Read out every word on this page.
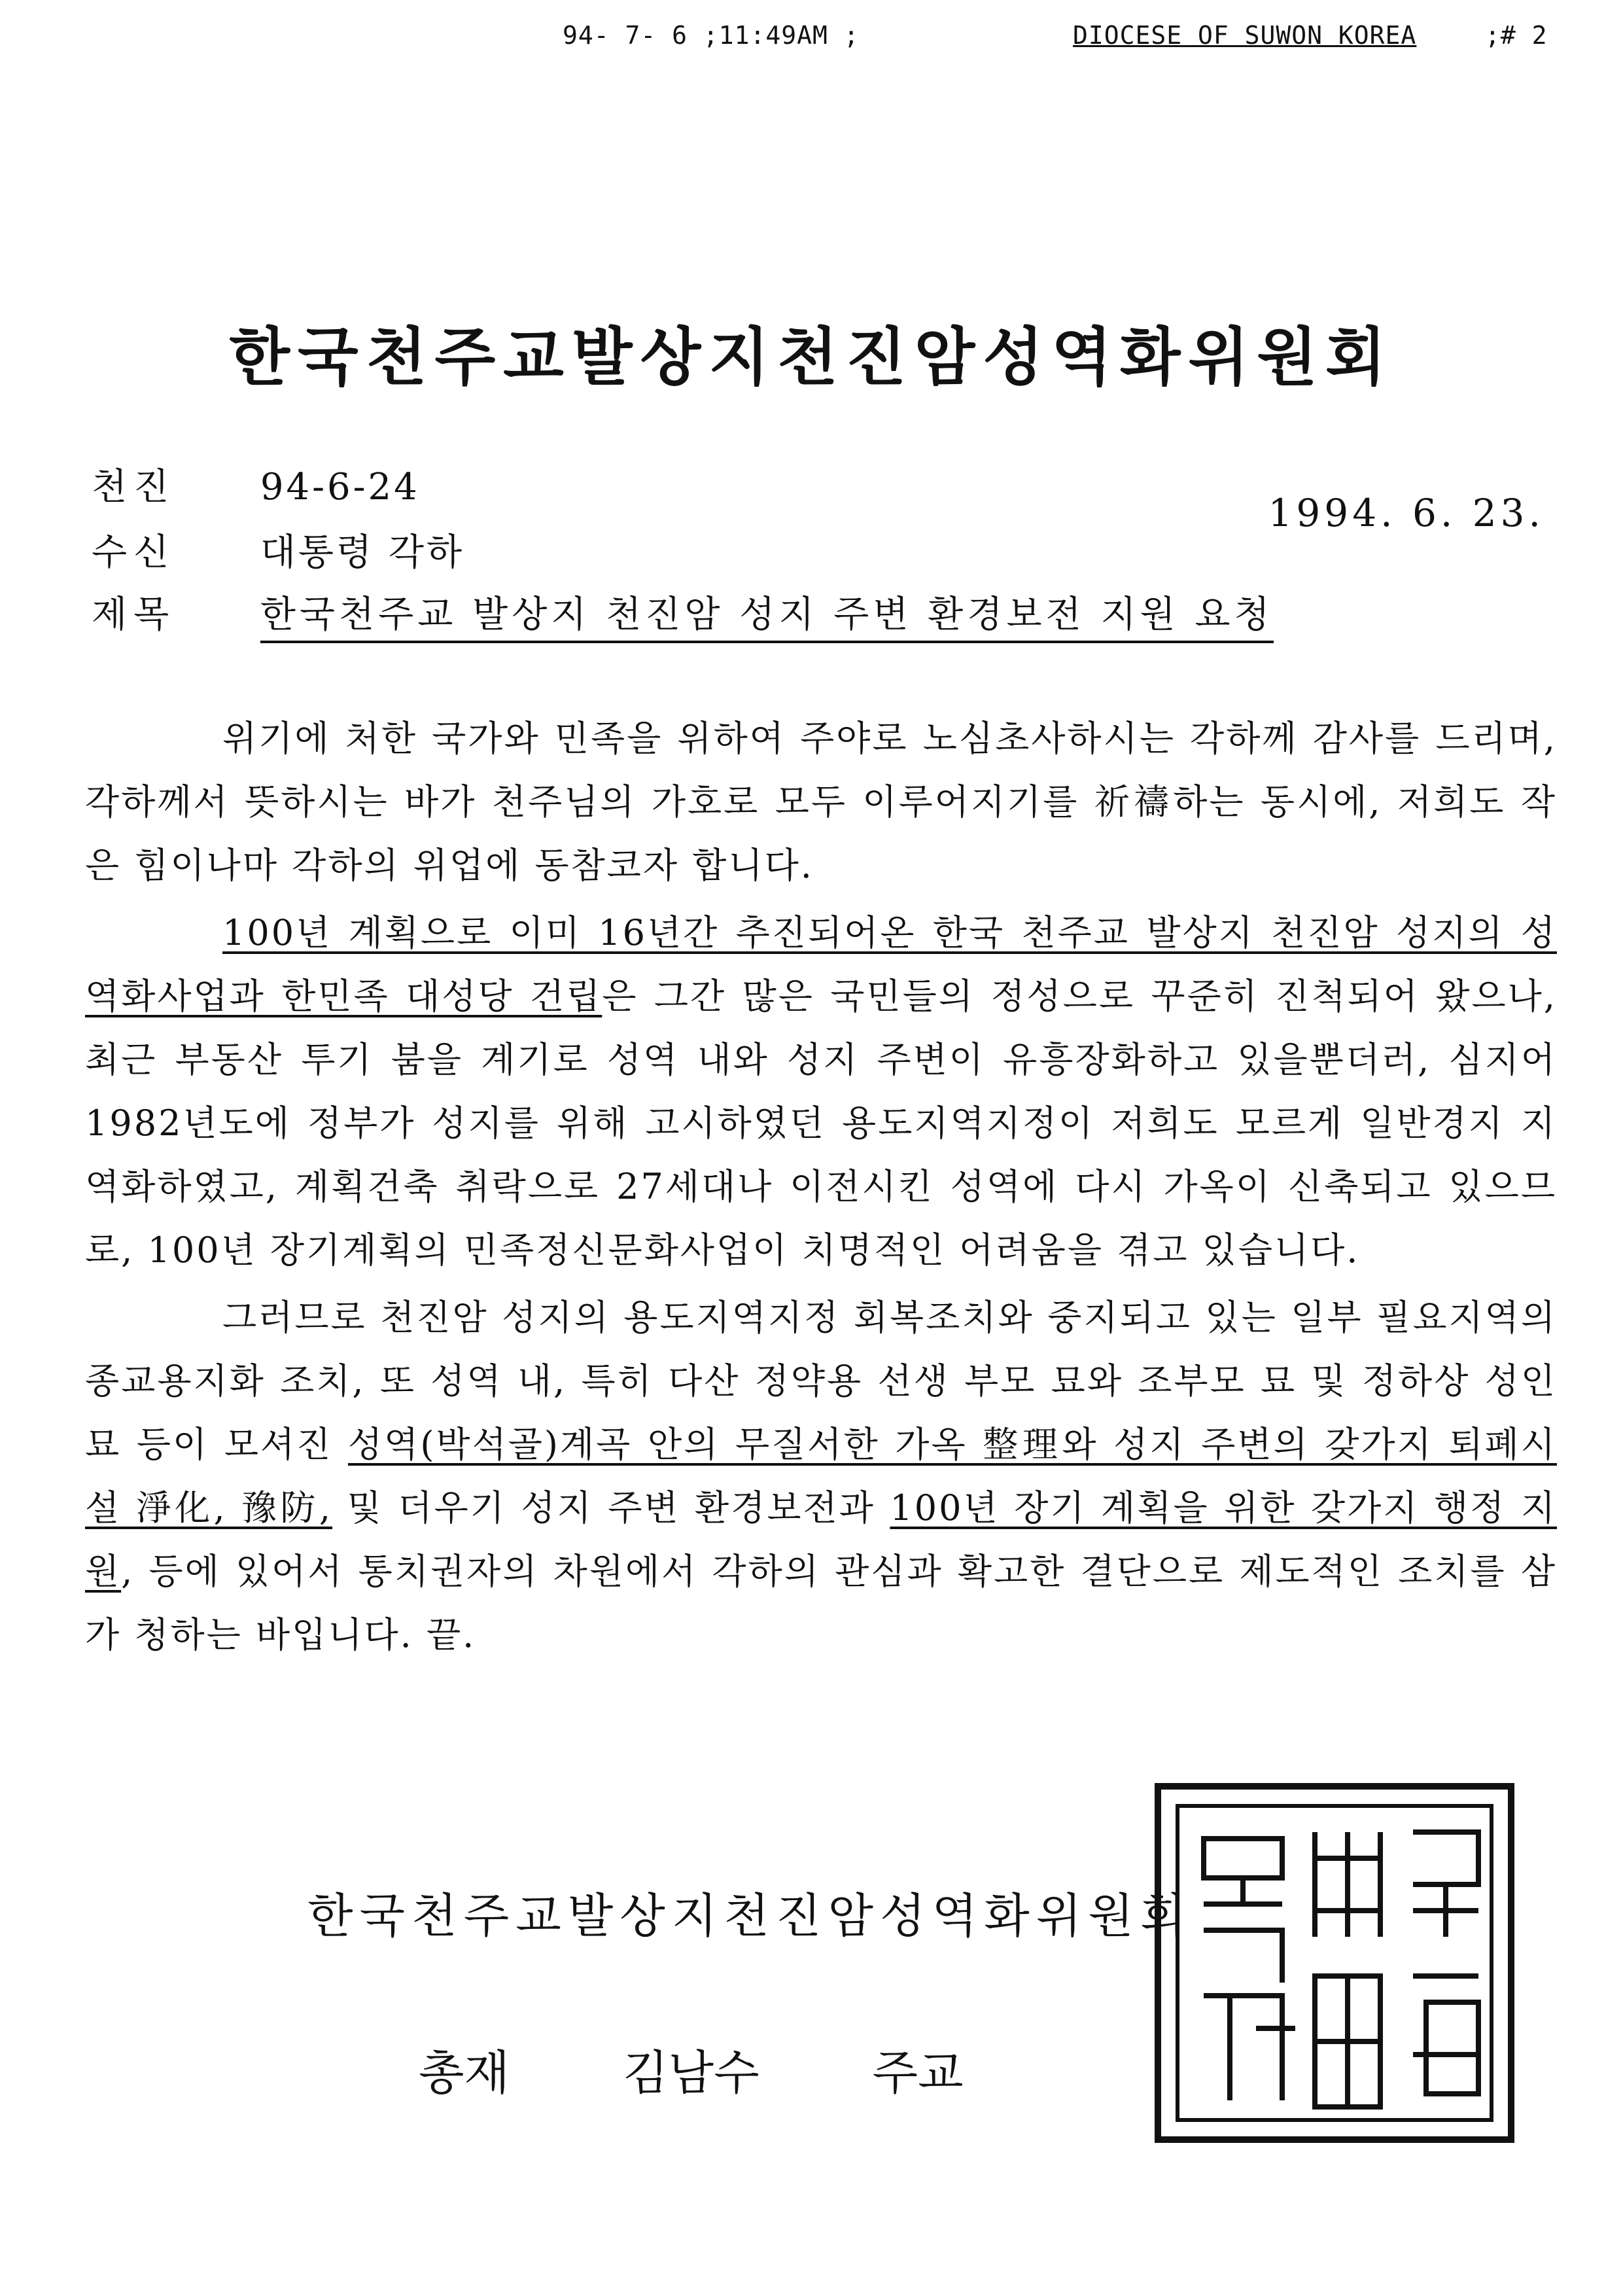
94- 7- 6 ;11:49AM ;	DIOCESE OF SUWON KOREA	;# 2
한국천주교발상지천진암성역화위원회
천진 94-6-24
1994. 6. 23.
수신 대통령 각하
제목 한국천주교 발상지 천진암 성지 주변 환경보전 지원 요청

위기에 처한 국가와 민족을 위하여 주야로 노심초사하시는 각하께 감사를 드리며, 각하께서 뜻하시는 바가 천주님의 가호로 모두 이루어지기를 祈禱하는 동시에, 저희도 작은 힘이나마 각하의 위업에 동참코자 합니다.

100년 계획으로 이미 16년간 추진되어온 한국 천주교 발상지 천진암 성지의 성역화사업과 한민족 대성당 건립은 그간 많은 국민들의 정성으로 꾸준히 진척되어 왔으나, 최근 부동산 투기 붐을 계기로 성역 내와 성지 주변이 유흥장화하고 있을뿐더러, 심지어 1982년도에 정부가 성지를 위해 고시하였던 용도지역지정이 저희도 모르게 일반경지 지역화하였고, 계획건축 취락으로 27세대나 이전시킨 성역에 다시 가옥이 신축되고 있으므로, 100년 장기계획의 민족정신문화사업이 치명적인 어려움을 겪고 있습니다.

그러므로 천진암 성지의 용도지역지정 회복조치와 중지되고 있는 일부 필요지역의 종교용지화 조치, 또 성역 내, 특히 다산 정약용 선생 부모 묘와 조부모 묘 및 정하상 성인 묘 등이 모셔진 성역(박석골)계곡 안의 무질서한 가옥 整理와 성지 주변의 갖가지 퇴폐시설 淨化, 豫防, 및 더우기 성지 주변 환경보전과 100년 장기 계획을 위한 갖가지 행정 지원, 등에 있어서 통치권자의 차원에서 각하의 관심과 확고한 결단으로 제도적인 조치를 삼가 청하는 바입니다. 끝.

한국천주교발상지천진암성역화위원회
총재 김남수 주교
